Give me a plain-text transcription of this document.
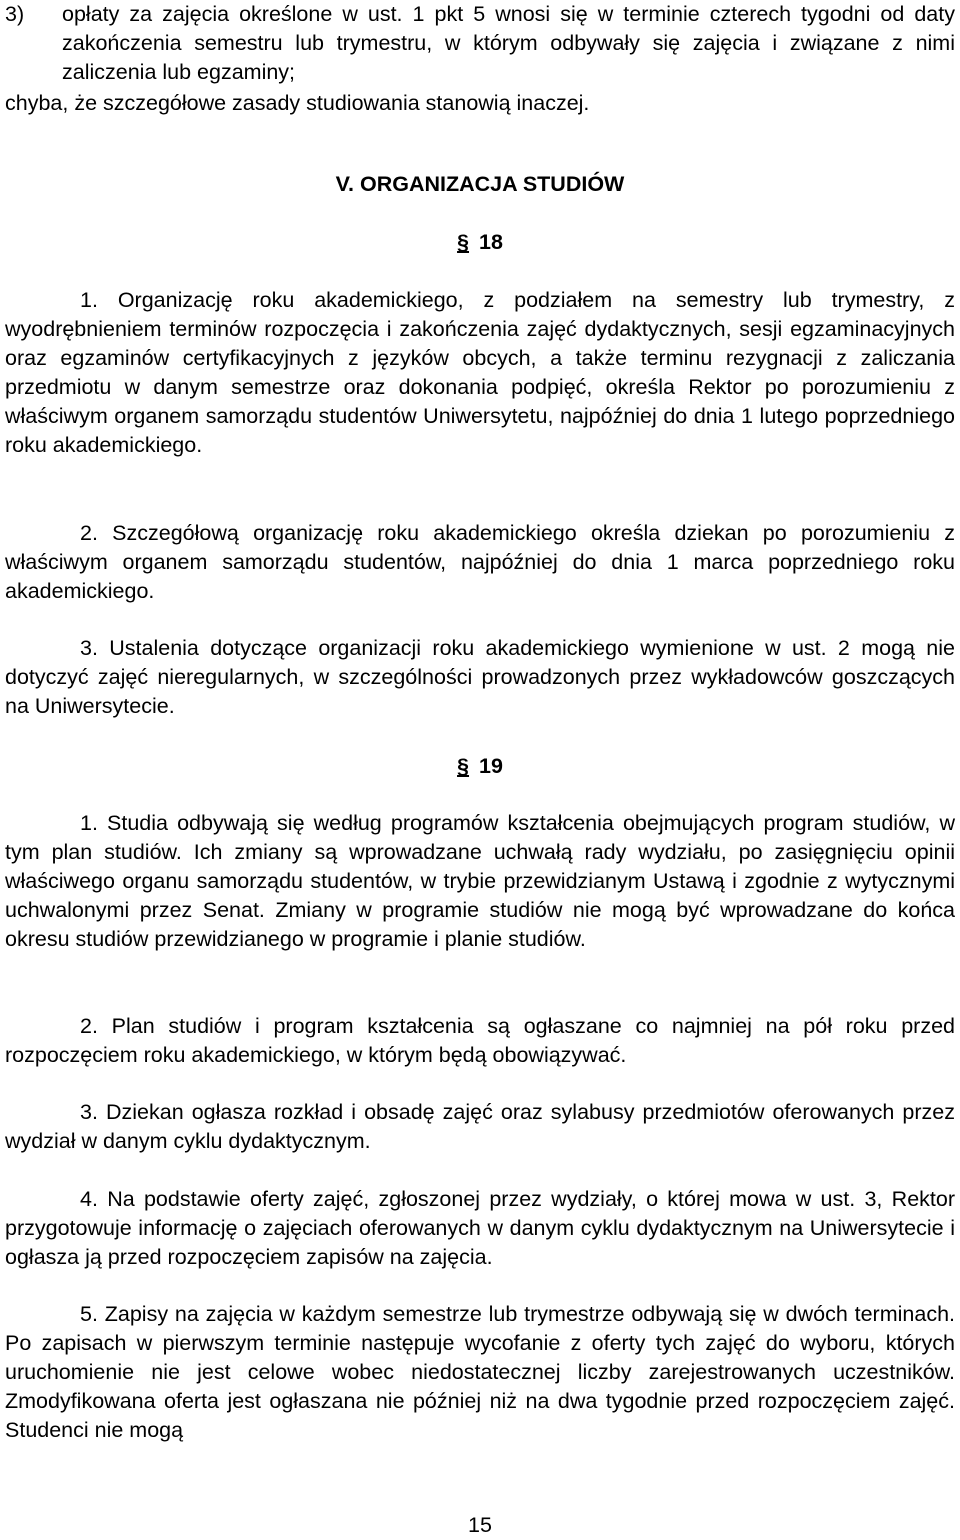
3) opłaty za zajęcia określone w ust. 1 pkt 5 wnosi się w terminie czterech tygodni od daty zakończenia semestru lub trymestru, w którym odbywały się zajęcia i związane z nimi zaliczenia lub egzaminy;
chyba, że szczegółowe zasady studiowania stanowią inaczej.
V. ORGANIZACJA STUDIÓW
§ 18
1. Organizację roku akademickiego, z podziałem na semestry lub trymestry, z wyodrębnieniem terminów rozpoczęcia i zakończenia zajęć dydaktycznych, sesji egzaminacyjnych oraz egzaminów certyfikacyjnych z języków obcych, a także terminu rezygnacji z zaliczania przedmiotu w danym semestrze oraz dokonania podpięć, określa Rektor po porozumieniu z właściwym organem samorządu studentów Uniwersytetu, najpóźniej do dnia 1 lutego poprzedniego roku akademickiego.
2. Szczegółową organizację roku akademickiego określa dziekan po porozumieniu z właściwym organem samorządu studentów, najpóźniej do dnia 1 marca poprzedniego roku akademickiego.
3. Ustalenia dotyczące organizacji roku akademickiego wymienione w ust. 2 mogą nie dotyczyć zajęć nieregularnych, w szczególności prowadzonych przez wykładowców goszczących na Uniwersytecie.
§ 19
1. Studia odbywają się według programów kształcenia obejmujących program studiów, w tym plan studiów. Ich zmiany są wprowadzane uchwałą rady wydziału, po zasięgnięciu opinii właściwego organu samorządu studentów, w trybie przewidzianym Ustawą i zgodnie z wytycznymi uchwalonymi przez Senat. Zmiany w programie studiów nie mogą być wprowadzane do końca okresu studiów przewidzianego w programie i planie studiów.
2. Plan studiów i program kształcenia są ogłaszane co najmniej na pół roku przed rozpoczęciem roku akademickiego, w którym będą obowiązywać.
3. Dziekan ogłasza rozkład i obsadę zajęć oraz sylabusy przedmiotów oferowanych przez wydział w danym cyklu dydaktycznym.
4. Na podstawie oferty zajęć, zgłoszonej przez wydziały, o której mowa w ust. 3, Rektor przygotowuje informację o zajęciach oferowanych w danym cyklu dydaktycznym na Uniwersytecie i ogłasza ją przed rozpoczęciem zapisów na zajęcia.
5. Zapisy na zajęcia w każdym semestrze lub trymestrze odbywają się w dwóch terminach. Po zapisach w pierwszym terminie następuje wycofanie z oferty tych zajęć do wyboru, których uruchomienie nie jest celowe wobec niedostatecznej liczby zarejestrowanych uczestników. Zmodyfikowana oferta jest ogłaszana nie później niż na dwa tygodnie przed rozpoczęciem zajęć. Studenci nie mogą
15
